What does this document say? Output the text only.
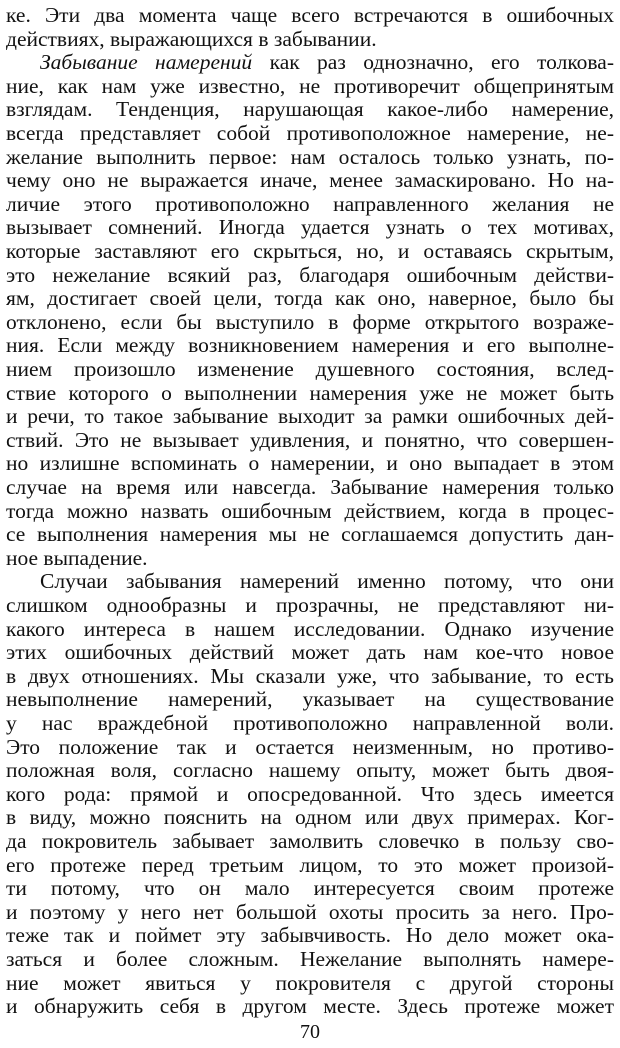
ке. Эти два момента чаще всего встречаются в ошибочных
действиях, выражающихся в забывании.
Забывание намерений как раз однозначно, его толкова-
ние, как нам уже известно, не противоречит общепринятым
взглядам. Тенденция, нарушающая какое-либо намерение,
всегда представляет собой противоположное намерение, не-
желание выполнить первое: нам осталось только узнать, по-
чему оно не выражается иначе, менее замаскировано. Но на-
личие этого противоположно направленного желания не
вызывает сомнений. Иногда удается узнать о тех мотивах,
которые заставляют его скрыться, но, и оставаясь скрытым,
это нежелание всякий раз, благодаря ошибочным действи-
ям, достигает своей цели, тогда как оно, наверное, было бы
отклонено, если бы выступило в форме открытого возраже-
ния. Если между возникновением намерения и его выполне-
нием произошло изменение душевного состояния, вслед-
ствие которого о выполнении намерения уже не может быть
и речи, то такое забывание выходит за рамки ошибочных дей-
ствий. Это не вызывает удивления, и понятно, что совершен-
но излишне вспоминать о намерении, и оно выпадает в этом
случае на время или навсегда. Забывание намерения только
тогда можно назвать ошибочным действием, когда в процес-
се выполнения намерения мы не соглашаемся допустить дан-
ное выпадение.
Случаи забывания намерений именно потому, что они
слишком однообразны и прозрачны, не представляют ни-
какого интереса в нашем исследовании. Однако изучение
этих ошибочных действий может дать нам кое-что новое
в двух отношениях. Мы сказали уже, что забывание, то есть
невыполнение намерений, указывает на существование
у нас враждебной противоположно направленной воли.
Это положение так и остается неизменным, но противо-
положная воля, согласно нашему опыту, может быть двоя-
кого рода: прямой и опосредованной. Что здесь имеется
в виду, можно пояснить на одном или двух примерах. Ког-
да покровитель забывает замолвить словечко в пользу сво-
его протеже перед третьим лицом, то это может произой-
ти потому, что он мало интересуется своим протеже
и поэтому у него нет большой охоты просить за него. Про-
теже так и поймет эту забывчивость. Но дело может ока-
заться и более сложным. Нежелание выполнять намере-
ние может явиться у покровителя с другой стороны
и обнаружить себя в другом месте. Здесь протеже может
70
